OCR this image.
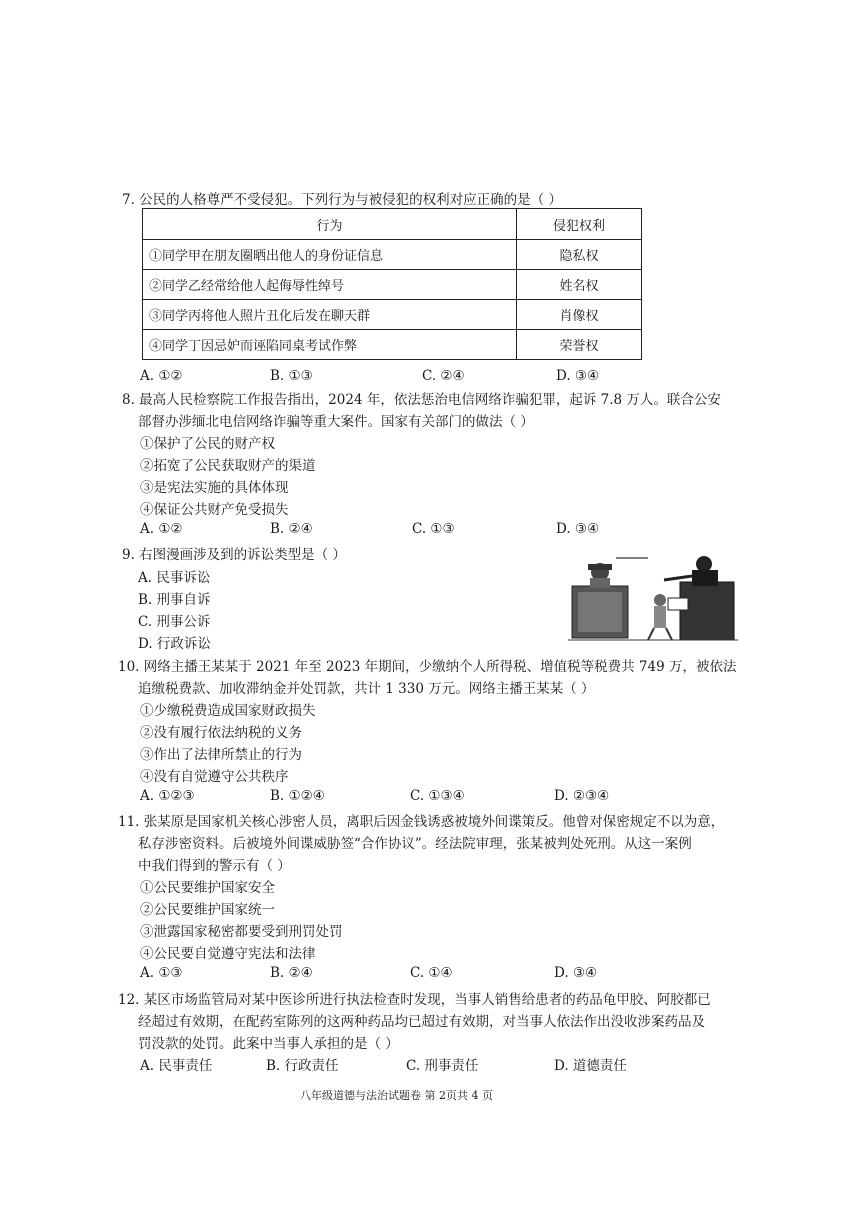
7. 公民的人格尊严不受侵犯。下列行为与被侵犯的权利对应正确的是（ ）
行为	侵犯权利
①同学甲在朋友圈晒出他人的身份证信息	隐私权
②同学乙经常给他人起侮辱性绰号	姓名权
③同学丙将他人照片丑化后发在聊天群	肖像权
④同学丁因忌妒而诬陷同桌考试作弊	荣誉权
A. ①②	B. ①③	C. ②④	D. ③④
8. 最高人民检察院工作报告指出，2024 年，依法惩治电信网络诈骗犯罪，起诉 7.8 万人。联合公安
部督办涉缅北电信网络诈骗等重大案件。国家有关部门的做法（ ）
①保护了公民的财产权
②拓宽了公民获取财产的渠道
③是宪法实施的具体体现
④保证公共财产免受损失
A. ①②	B. ②④	C. ①③	D. ③④
9. 右图漫画涉及到的诉讼类型是（ ）
A. 民事诉讼
B. 刑事自诉
C. 刑事公诉
D. 行政诉讼
10. 网络主播王某某于 2021 年至 2023 年期间，少缴纳个人所得税、增值税等税费共 749 万，被依法
追缴税费款、加收滞纳金并处罚款，共计 1 330 万元。网络主播王某某（ ）
①少缴税费造成国家财政损失
②没有履行依法纳税的义务
③作出了法律所禁止的行为
④没有自觉遵守公共秩序
A. ①②③	B. ①②④	C. ①③④	D. ②③④
11. 张某原是国家机关核心涉密人员，离职后因金钱诱惑被境外间谍策反。他曾对保密规定不以为意，
私存涉密资料。后被境外间谍威胁签“合作协议”。经法院审理，张某被判处死刑。从这一案例
中我们得到的警示有（ ）
①公民要维护国家安全
②公民要维护国家统一
③泄露国家秘密都要受到刑罚处罚
④公民要自觉遵守宪法和法律
A. ①③	B. ②④	C. ①④	D. ③④
12. 某区市场监管局对某中医诊所进行执法检查时发现，当事人销售给患者的药品龟甲胶、阿胶都已
经超过有效期，在配药室陈列的这两种药品均已超过有效期，对当事人依法作出没收涉案药品及
罚没款的处罚。此案中当事人承担的是（ ）
A. 民事责任	B. 行政责任	C. 刑事责任	D. 道德责任
八年级道德与法治试题卷 第 2页共 4 页
